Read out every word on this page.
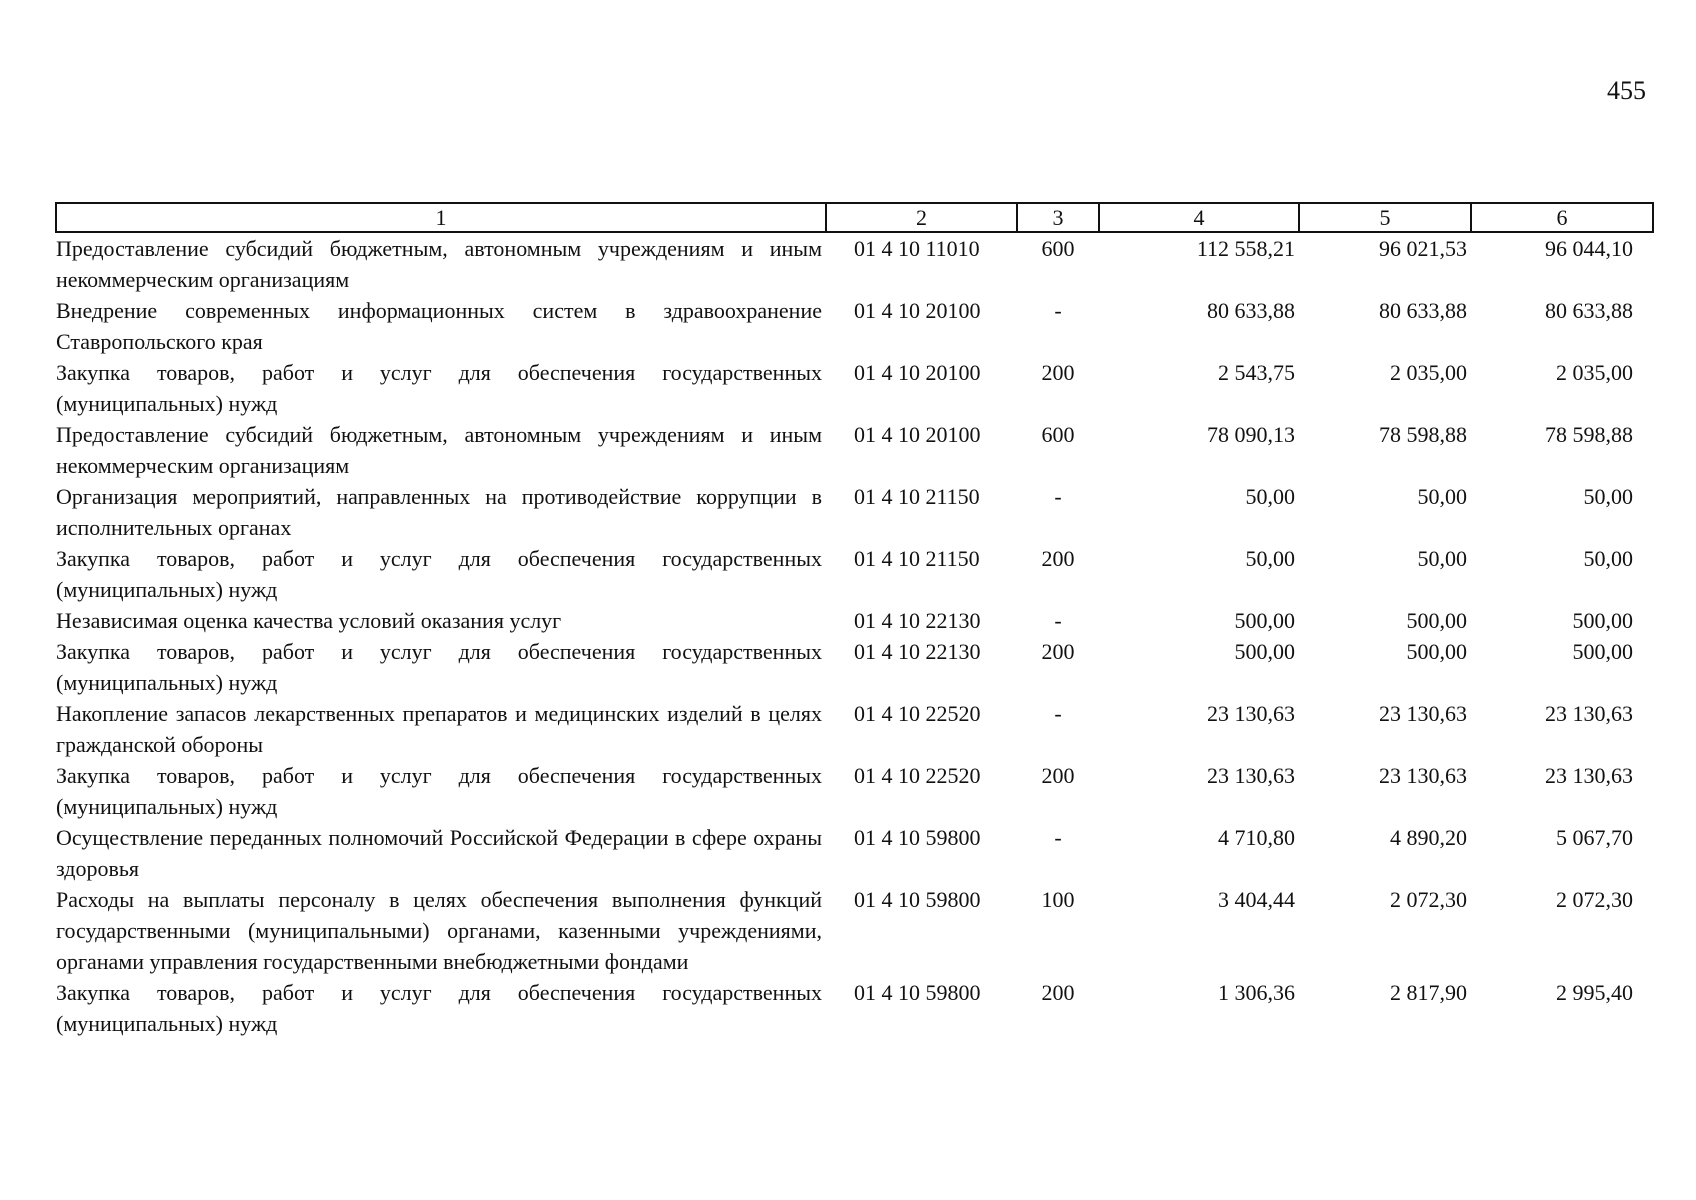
455
1	2	3	4	5	6
Предоставление субсидий бюджетным, автономным учреждениям и иным некоммерческим организациям	01 4 10 11010	600	112 558,21	96 021,53	96 044,10
Внедрение современных информационных систем в здравоохранение Ставропольского края	01 4 10 20100	-	80 633,88	80 633,88	80 633,88
Закупка товаров, работ и услуг для обеспечения государственных (муниципальных) нужд	01 4 10 20100	200	2 543,75	2 035,00	2 035,00
Предоставление субсидий бюджетным, автономным учреждениям и иным некоммерческим организациям	01 4 10 20100	600	78 090,13	78 598,88	78 598,88
Организация мероприятий, направленных на противодействие коррупции в исполнительных органах	01 4 10 21150	-	50,00	50,00	50,00
Закупка товаров, работ и услуг для обеспечения государственных (муниципальных) нужд	01 4 10 21150	200	50,00	50,00	50,00
Независимая оценка качества условий оказания услуг	01 4 10 22130	-	500,00	500,00	500,00
Закупка товаров, работ и услуг для обеспечения государственных (муниципальных) нужд	01 4 10 22130	200	500,00	500,00	500,00
Накопление запасов лекарственных препаратов и медицинских изделий в целях гражданской обороны	01 4 10 22520	-	23 130,63	23 130,63	23 130,63
Закупка товаров, работ и услуг для обеспечения государственных (муниципальных) нужд	01 4 10 22520	200	23 130,63	23 130,63	23 130,63
Осуществление переданных полномочий Российской Федерации в сфере охраны здоровья	01 4 10 59800	-	4 710,80	4 890,20	5 067,70
Расходы на выплаты персоналу в целях обеспечения выполнения функций государственными (муниципальными) органами, казенными учреждениями, органами управления государственными внебюджетными фондами	01 4 10 59800	100	3 404,44	2 072,30	2 072,30
Закупка товаров, работ и услуг для обеспечения государственных (муниципальных) нужд	01 4 10 59800	200	1 306,36	2 817,90	2 995,40
